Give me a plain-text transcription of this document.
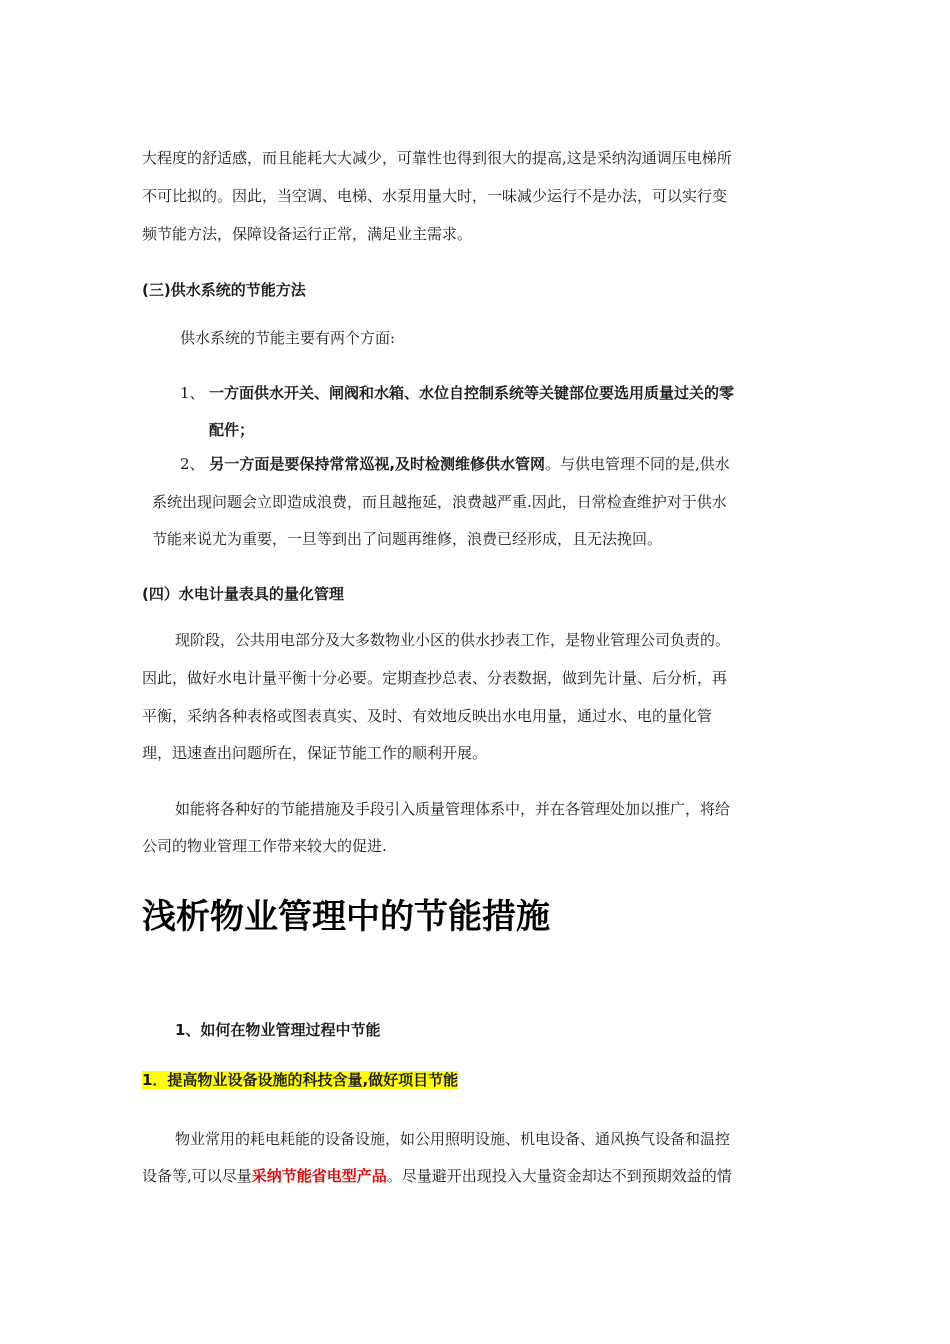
大程度的舒适感，而且能耗大大减少，可靠性也得到很大的提高,这是采纳沟通调压电梯所
不可比拟的。因此，当空调、电梯、水泵用量大时，一味减少运行不是办法，可以实行变
频节能方法，保障设备运行正常，满足业主需求。
(三)供水系统的节能方法
供水系统的节能主要有两个方面:
1、 一方面供水开关、闸阀和水箱、水位自控制系统等关键部位要选用质量过关的零
配件；
2、 另一方面是要保持常常巡视,及时检测维修供水管网。与供电管理不同的是,供水
系统出现问题会立即造成浪费，而且越拖延，浪费越严重.因此，日常检查维护对于供水
节能来说尤为重要，一旦等到出了问题再维修，浪费已经形成，且无法挽回。
(四）水电计量表具的量化管理
现阶段，公共用电部分及大多数物业小区的供水抄表工作，是物业管理公司负责的。
因此，做好水电计量平衡十分必要。定期查抄总表、分表数据，做到先计量、后分析，再
平衡，采纳各种表格或图表真实、及时、有效地反映出水电用量，通过水、电的量化管
理，迅速查出问题所在，保证节能工作的顺利开展。
如能将各种好的节能措施及手段引入质量管理体系中，并在各管理处加以推广，将给
公司的物业管理工作带来较大的促进.
浅析物业管理中的节能措施
1、如何在物业管理过程中节能
1．提高物业设备设施的科技含量,做好项目节能
物业常用的耗电耗能的设备设施，如公用照明设施、机电设备、通风换气设备和温控
设备等,可以尽量采纳节能省电型产品。尽量避开出现投入大量资金却达不到预期效益的情
